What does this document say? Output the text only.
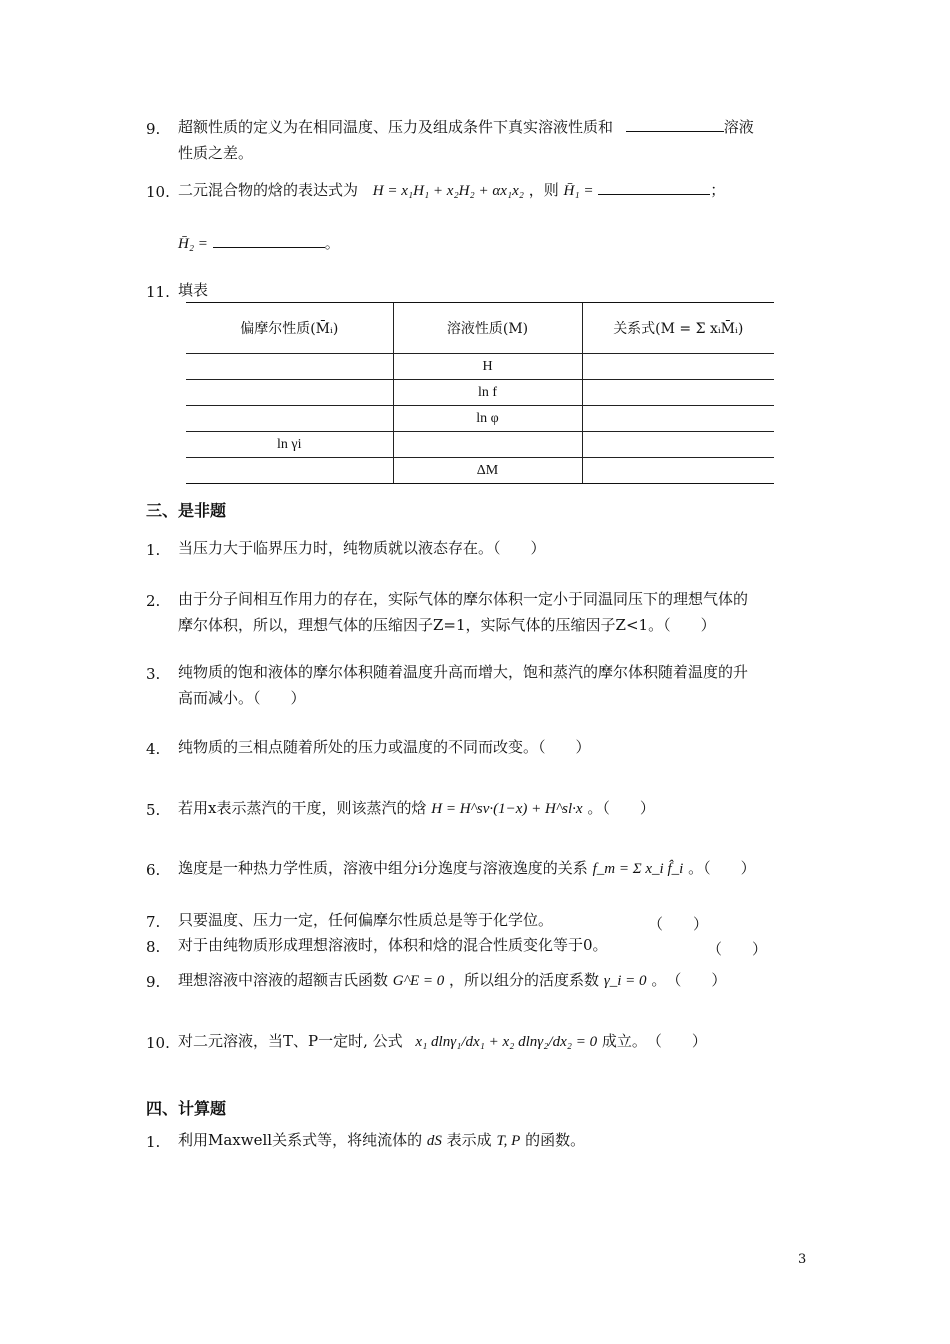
9. 超额性质的定义为在相同温度、压力及组成条件下真实溶液性质和	溶液
性质之差。
10. 二元混合物的焓的表达式为 H = x₁H₁ + x₂H₂ + αx₁x₂ ，则 H̄₁ =	；
H̄₂ =	。
11. 填表
偏摩尔性质(M̄ᵢ)	溶液性质(M)	关系式(M = Σ xᵢM̄ᵢ)
	H	
	ln f	
	ln φ	
ln γi		
	ΔM	
三、是非题
1. 当压力大于临界压力时，纯物质就以液态存在。（　　）
2. 由于分子间相互作用力的存在，实际气体的摩尔体积一定小于同温同压下的理想气体的
摩尔体积，所以，理想气体的压缩因子Z=1，实际气体的压缩因子Z<1。（　　）
3. 纯物质的饱和液体的摩尔体积随着温度升高而增大，饱和蒸汽的摩尔体积随着温度的升
高而减小。（　　）
4. 纯物质的三相点随着所处的压力或温度的不同而改变。（　　）
5. 若用x表示蒸汽的干度，则该蒸汽的焓 H = H^sv·(1−x) + H^sl·x 。（　　）
6. 逸度是一种热力学性质，溶液中组分i分逸度与溶液逸度的关系 f_m = Σ x_i f̂_i 。（　　）
7. 只要温度、压力一定，任何偏摩尔性质总是等于化学位。	（　　）
8. 对于由纯物质形成理想溶液时，体积和焓的混合性质变化等于0。	（　　）
9. 理想溶液中溶液的超额吉氏函数 G^E = 0 ，所以组分的活度系数 γ_i = 0 。　（　　）
10. 对二元溶液，当T、P一定时, 公式 x₁ dlnγ₁/dx₁ + x₂ dlnγ₂/dx₂ = 0 成立。　（　　）
四、计算题
1. 利用Maxwell关系式等，将纯流体的 dS 表示成 T, P 的函数。
3
